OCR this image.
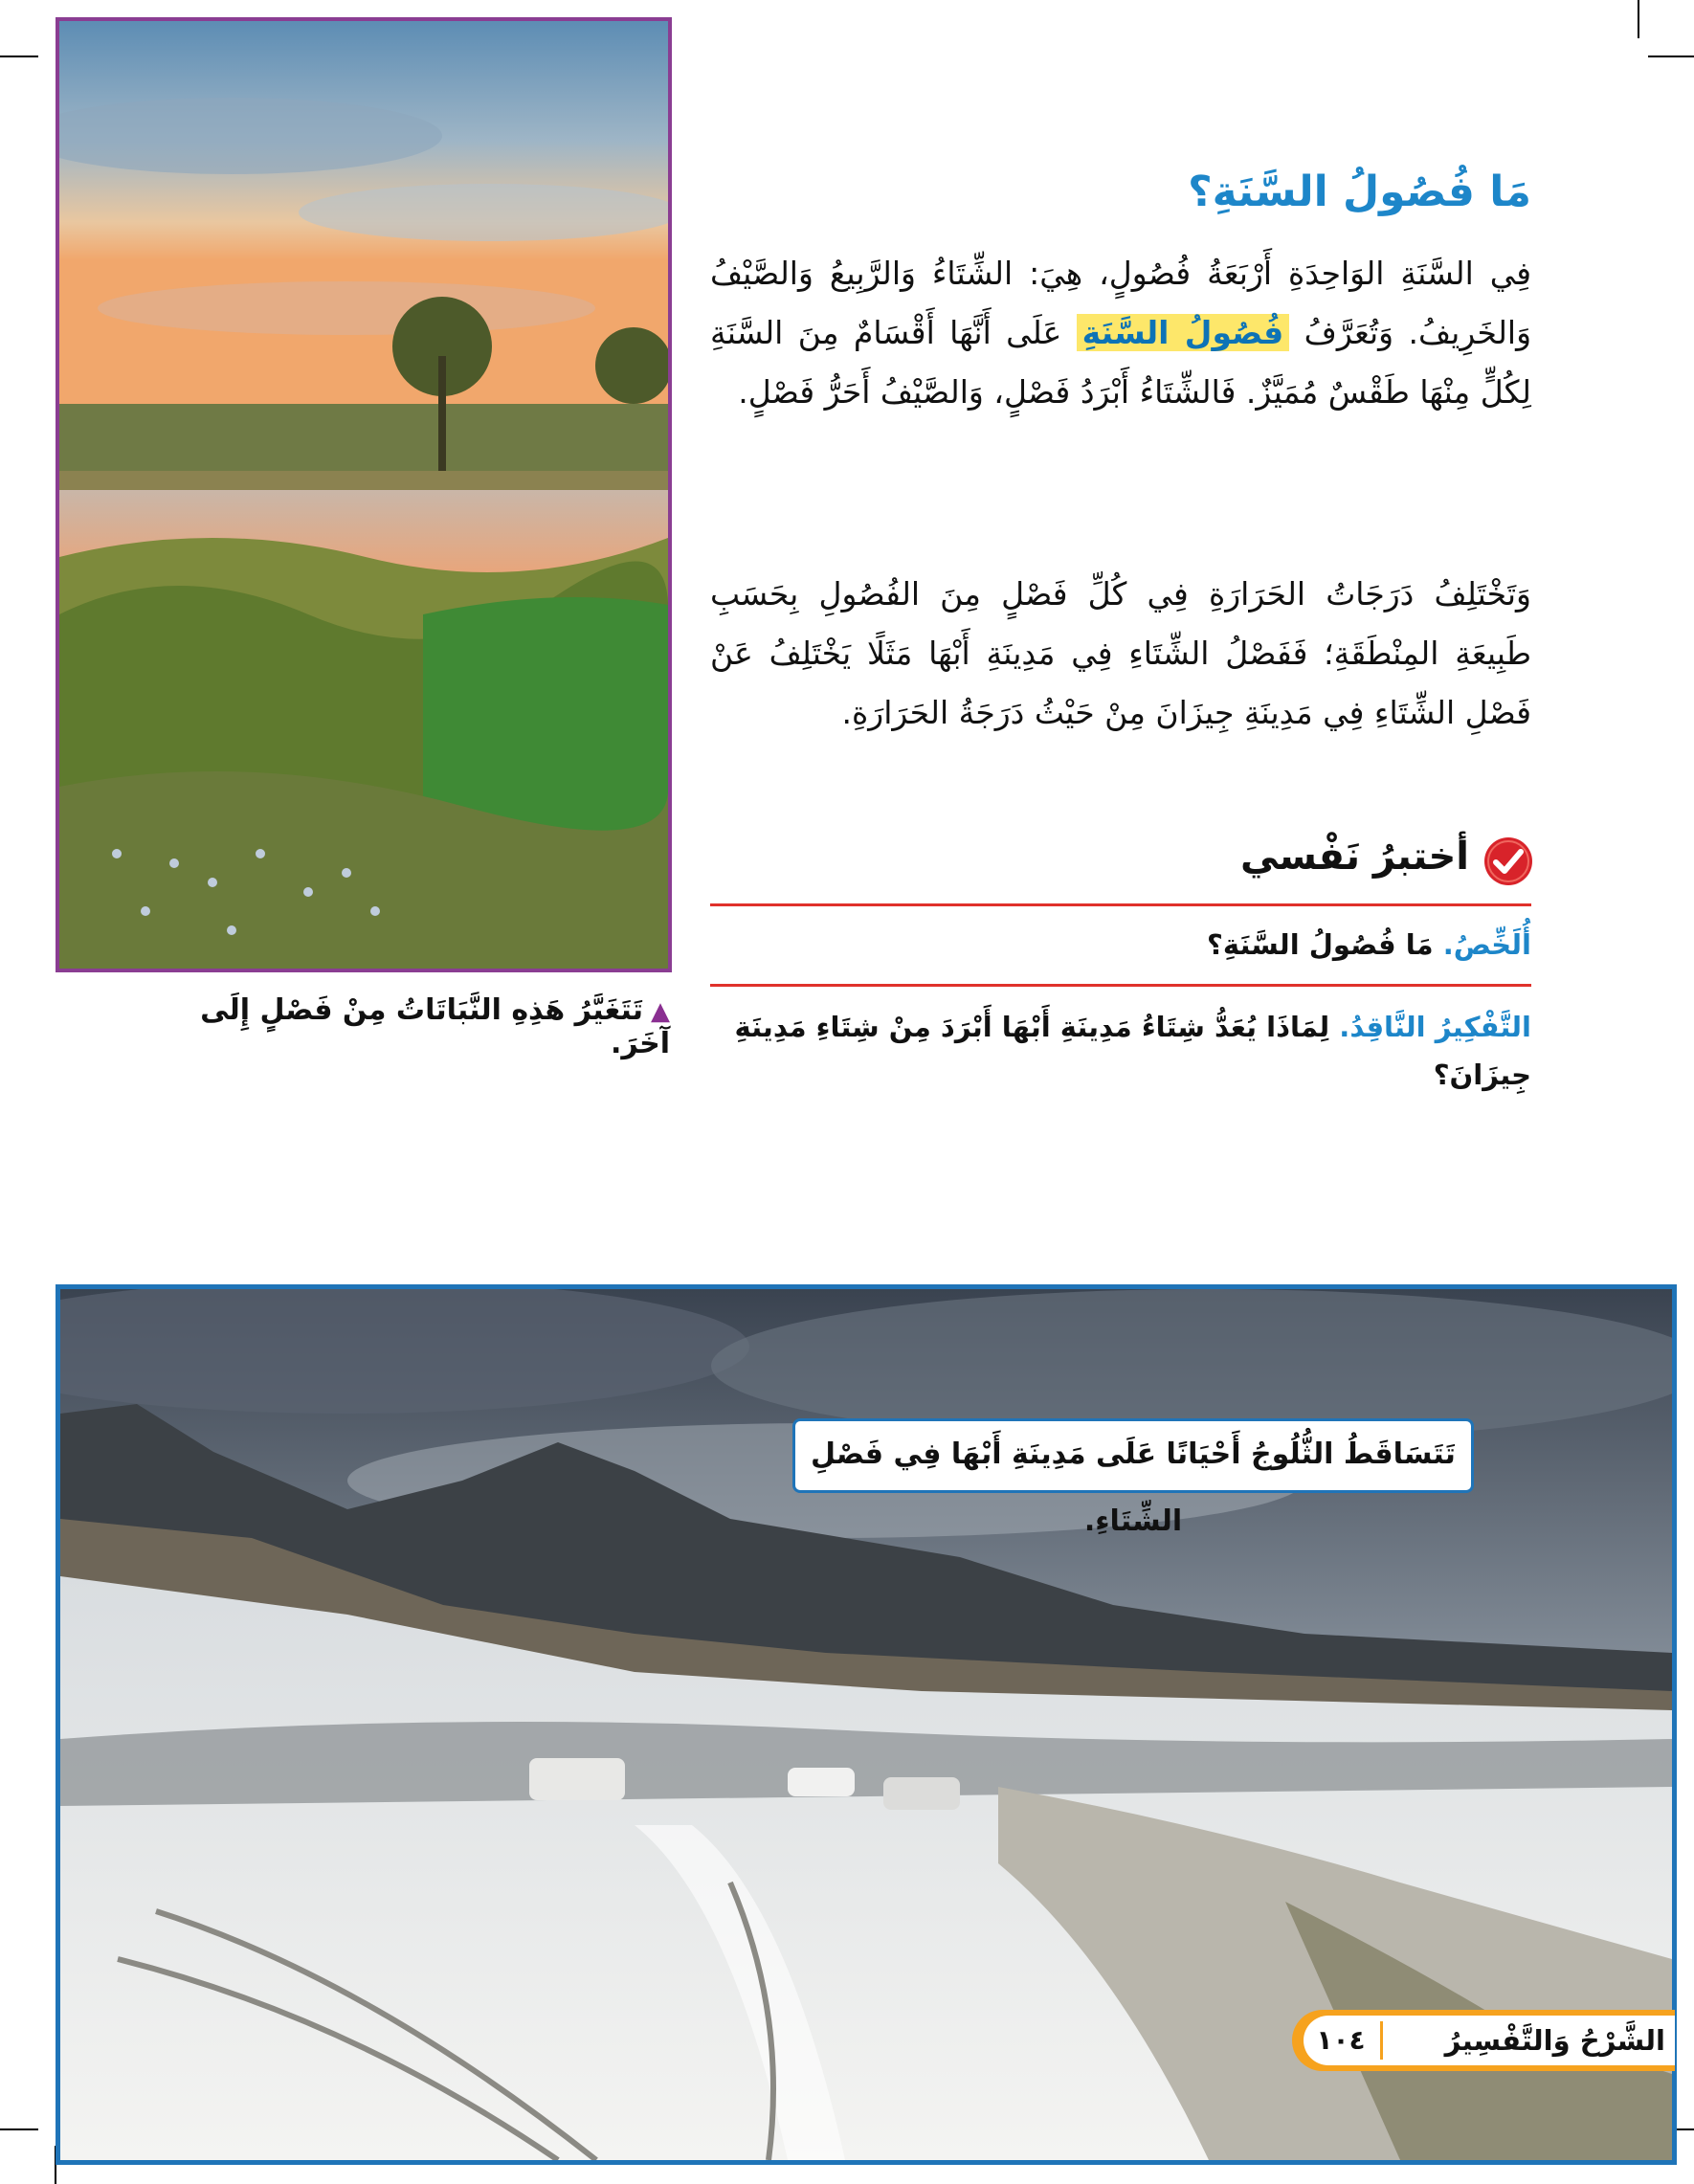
▲تَتَغَيَّرُ هَذِهِ النَّبَاتَاتُ مِنْ فَصْلٍ إِلَى آخَرَ.
مَا فُصُولُ السَّنَةِ؟
فِي السَّنَةِ الوَاحِدَةِ أَرْبَعَةُ فُصُولٍ، هِيَ: الشِّتَاءُ وَالرَّبِيعُ وَالصَّيْفُ وَالخَرِيفُ. وَتُعَرَّفُ فُصُولُ السَّنَةِ عَلَى أَنَّهَا أَقْسَامٌ مِنَ السَّنَةِ لِكُلٍّ مِنْهَا طَقْسٌ مُمَيَّزٌ. فَالشِّتَاءُ أَبْرَدُ فَصْلٍ، وَالصَّيْفُ أَحَرُّ فَصْلٍ.
وَتَخْتَلِفُ دَرَجَاتُ الحَرَارَةِ فِي كُلِّ فَصْلٍ مِنَ الفُصُولِ بِحَسَبِ طَبِيعَةِ المِنْطَقَةِ؛ فَفَصْلُ الشِّتَاءِ فِي مَدِينَةِ أَبْهَا مَثَلًا يَخْتَلِفُ عَنْ فَصْلِ الشِّتَاءِ فِي مَدِينَةِ جِيزَانَ مِنْ حَيْثُ دَرَجَةُ الحَرَارَةِ.
أختبرُ نَفْسي
أُلَخِّصُ. مَا فُصُولُ السَّنَةِ؟
التَّفْكِيرُ النَّاقِدُ. لِمَاذَا يُعَدُّ شِتَاءُ مَدِينَةِ أَبْهَا أَبْرَدَ مِنْ شِتَاءِ مَدِينَةِ جِيزَانَ؟
تَتَسَاقَطُ الثُّلُوجُ أَحْيَانًا عَلَى مَدِينَةِ أَبْهَا فِي فَصْلِ الشِّتَاءِ.
الشَّرْحُ وَالتَّفْسِيرُ
١٠٤
